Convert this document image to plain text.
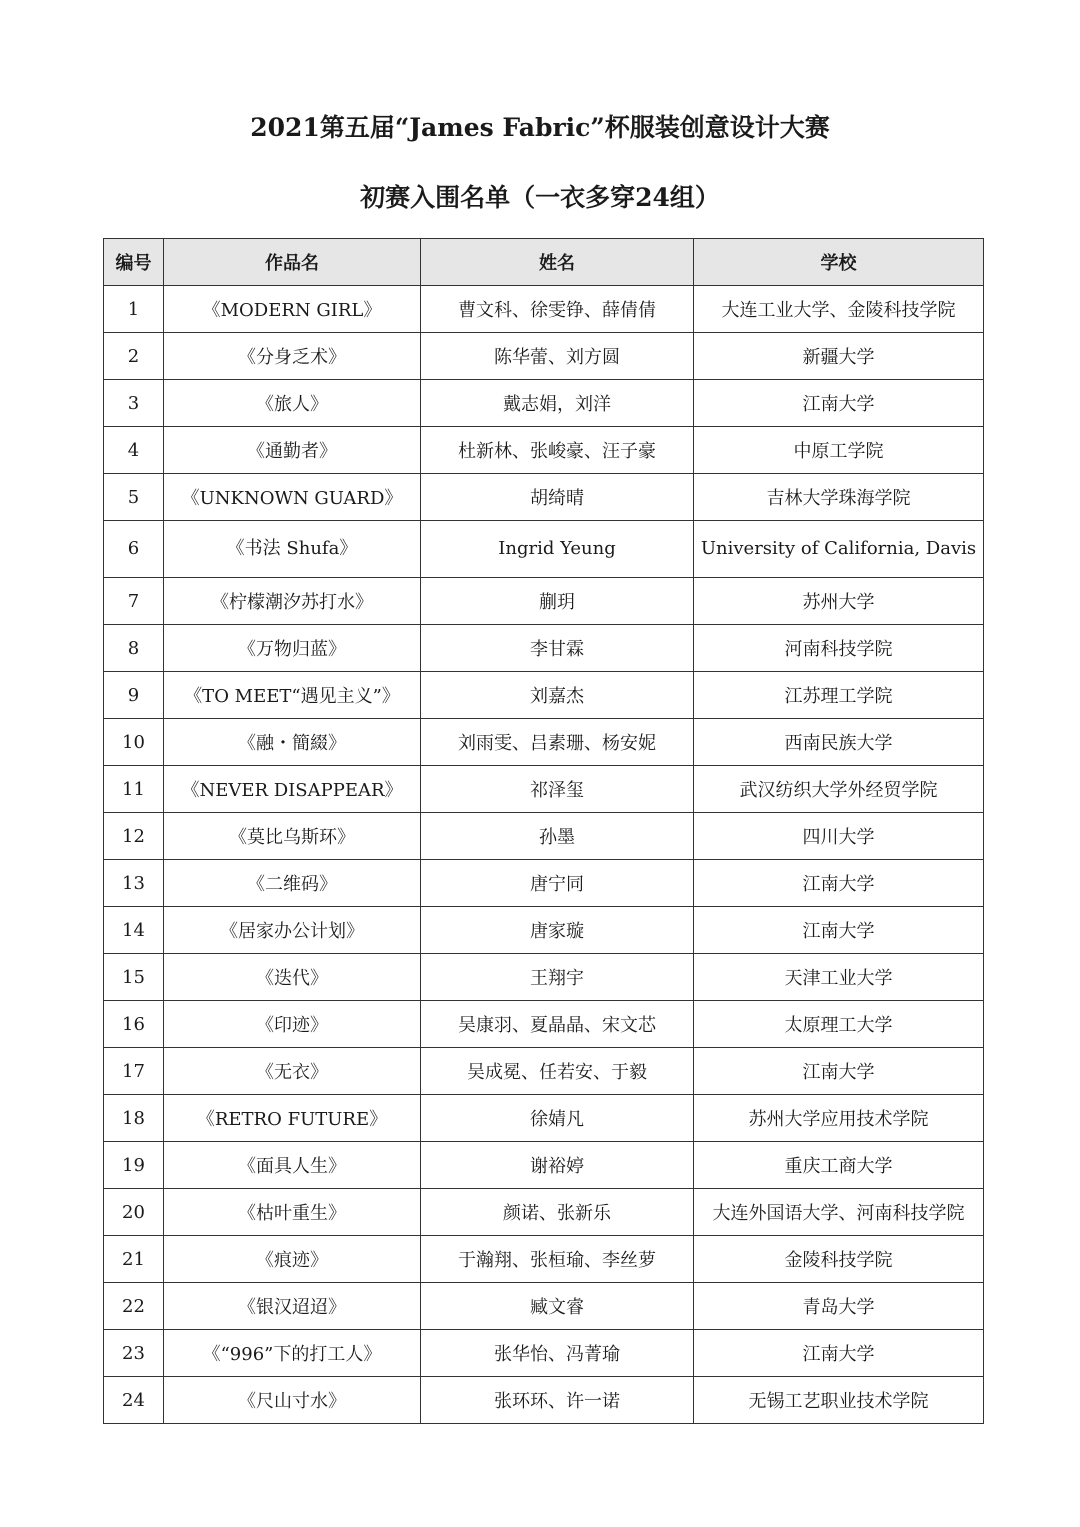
2021第五届“James Fabric”杯服装创意设计大赛
初赛入围名单（一衣多穿24组）
编号	作品名	姓名	学校
1	《MODERN GIRL》	曹文科、徐雯铮、薛倩倩	大连工业大学、金陵科技学院
2	《分身乏术》	陈华蕾、刘方圆	新疆大学
3	《旅人》	戴志娟，刘洋	江南大学
4	《通勤者》	杜新林、张峻豪、汪子豪	中原工学院
5	《UNKNOWN GUARD》	胡绮晴	吉林大学珠海学院
6	《书法 Shufa》	Ingrid Yeung	University of California, Davis
7	《柠檬潮汐苏打水》	蒯玥	苏州大学
8	《万物归蓝》	李甘霖	河南科技学院
9	《TO MEET“遇见主义”》	刘嘉杰	江苏理工学院
10	《融・簡綴》	刘雨雯、吕素珊、杨安妮	西南民族大学
11	《NEVER DISAPPEAR》	祁泽玺	武汉纺织大学外经贸学院
12	《莫比乌斯环》	孙墨	四川大学
13	《二维码》	唐宁同	江南大学
14	《居家办公计划》	唐家璇	江南大学
15	《迭代》	王翔宇	天津工业大学
16	《印迹》	吴康羽、夏晶晶、宋文芯	太原理工大学
17	《无衣》	吴成冕、任若安、于毅	江南大学
18	《RETRO FUTURE》	徐婧凡	苏州大学应用技术学院
19	《面具人生》	谢裕婷	重庆工商大学
20	《枯叶重生》	颜诺、张新乐	大连外国语大学、河南科技学院
21	《痕迹》	于瀚翔、张桓瑜、李丝萝	金陵科技学院
22	《银汉迢迢》	臧文睿	青岛大学
23	《“996”下的打工人》	张华怡、冯菁瑜	江南大学
24	《尺山寸水》	张环环、许一诺	无锡工艺职业技术学院
